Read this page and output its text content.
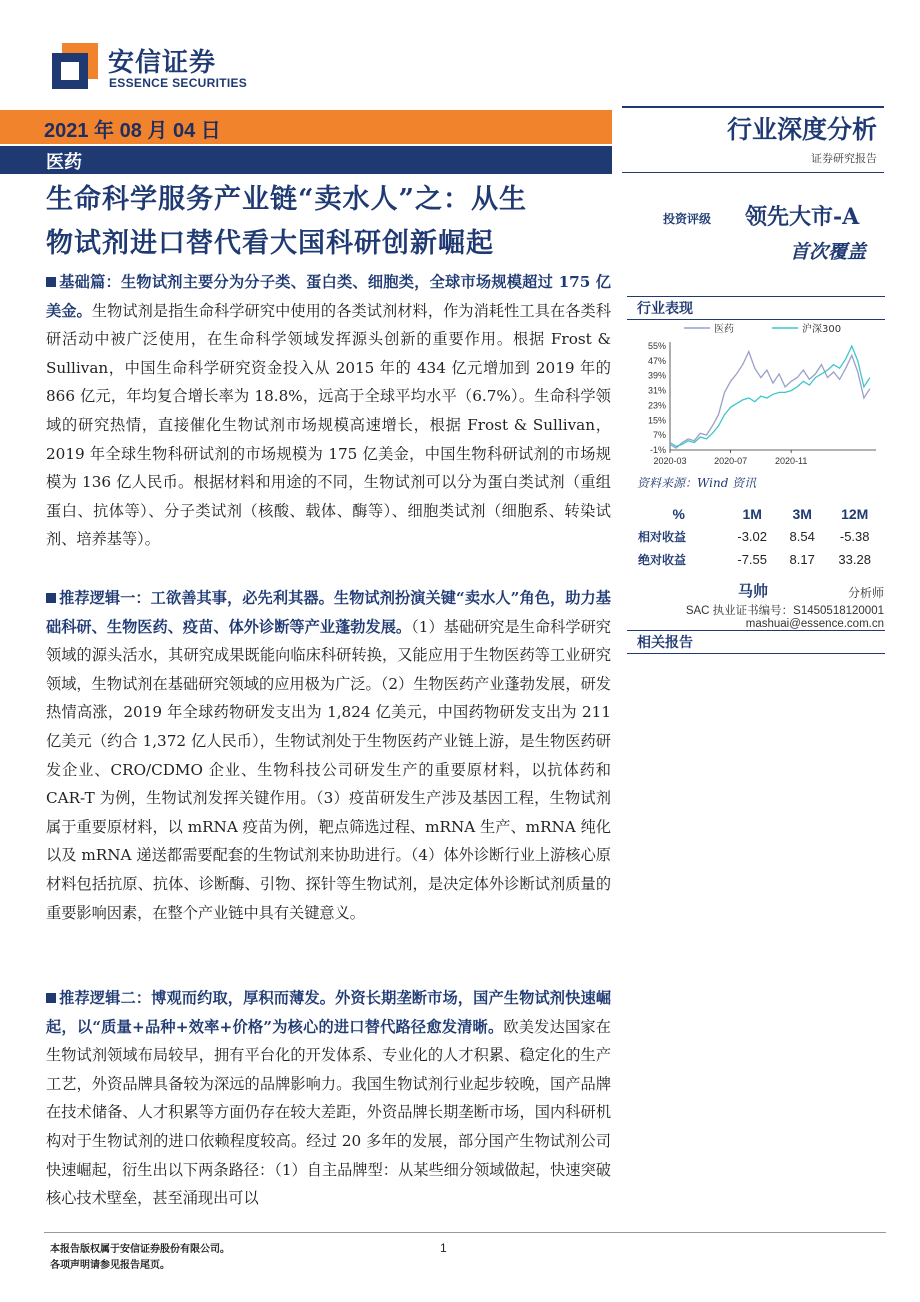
安信证券
ESSENCE SECURITIES
2021 年 08 月 04 日
医药
行业深度分析
证券研究报告
生命科学服务产业链“卖水人”之：从生
物试剂进口替代看大国科研创新崛起
投资评级 领先大市-A
首次覆盖
基础篇：生物试剂主要分为分子类、蛋白类、细胞类，全球市场规模超过 175 亿美金。生物试剂是指生命科学研究中使用的各类试剂材料，作为消耗性工具在各类科研活动中被广泛使用，在生命科学领域发挥源头创新的重要作用。根据 Frost & Sullivan，中国生命科学研究资金投入从 2015 年的 434 亿元增加到 2019 年的 866 亿元，年均复合增长率为 18.8%，远高于全球平均水平（6.7%）。生命科学领域的研究热情，直接催化生物试剂市场规模高速增长，根据 Frost & Sullivan，2019 年全球生物科研试剂的市场规模为 175 亿美金，中国生物科研试剂的市场规模为 136 亿人民币。根据材料和用途的不同，生物试剂可以分为蛋白类试剂（重组蛋白、抗体等）、分子类试剂（核酸、载体、酶等）、细胞类试剂（细胞系、转染试剂、培养基等）。
推荐逻辑一：工欲善其事，必先利其器。生物试剂扮演关键“卖水人”角色，助力基础科研、生物医药、疫苗、体外诊断等产业蓬勃发展。（1）基础研究是生命科学研究领域的源头活水，其研究成果既能向临床科研转换，又能应用于生物医药等工业研究领域，生物试剂在基础研究领域的应用极为广泛。（2）生物医药产业蓬勃发展，研发热情高涨，2019 年全球药物研发支出为 1,824 亿美元，中国药物研发支出为 211 亿美元（约合 1,372 亿人民币），生物试剂处于生物医药产业链上游，是生物医药研发企业、CRO/CDMO 企业、生物科技公司研发生产的重要原材料，以抗体药和 CAR-T 为例，生物试剂发挥关键作用。（3）疫苗研发生产涉及基因工程，生物试剂属于重要原材料，以 mRNA 疫苗为例，靶点筛选过程、mRNA 生产、mRNA 纯化以及 mRNA 递送都需要配套的生物试剂来协助进行。（4）体外诊断行业上游核心原材料包括抗原、抗体、诊断酶、引物、探针等生物试剂，是决定体外诊断试剂质量的重要影响因素，在整个产业链中具有关键意义。
推荐逻辑二：博观而约取，厚积而薄发。外资长期垄断市场，国产生物试剂快速崛起，以“质量+品种+效率+价格”为核心的进口替代路径愈发清晰。欧美发达国家在生物试剂领域布局较早，拥有平台化的开发体系、专业化的人才积累、稳定化的生产工艺，外资品牌具备较为深远的品牌影响力。我国生物试剂行业起步较晚，国产品牌在技术储备、人才积累等方面仍存在较大差距，外资品牌长期垄断市场，国内科研机构对于生物试剂的进口依赖程度较高。经过 20 多年的发展，部分国产生物试剂公司快速崛起，衍生出以下两条路径：（1）自主品牌型：从某些细分领域做起，快速突破核心技术壁垒，甚至涌现出可以
行业表现
55%
47%
39%
31%
23%
15%
7%
-1%
2020-03	2020-07	2020-11
医药	沪深300
资料来源：Wind 资讯
%	1M	3M	12M
相对收益	-3.02	8.54	-5.38
绝对收益	-7.55	8.17	33.28
马帅	分析师
SAC 执业证书编号：S1450518120001
mashuai@essence.com.cn
相关报告
本报告版权属于安信证券股份有限公司。
各项声明请参见报告尾页。
1
